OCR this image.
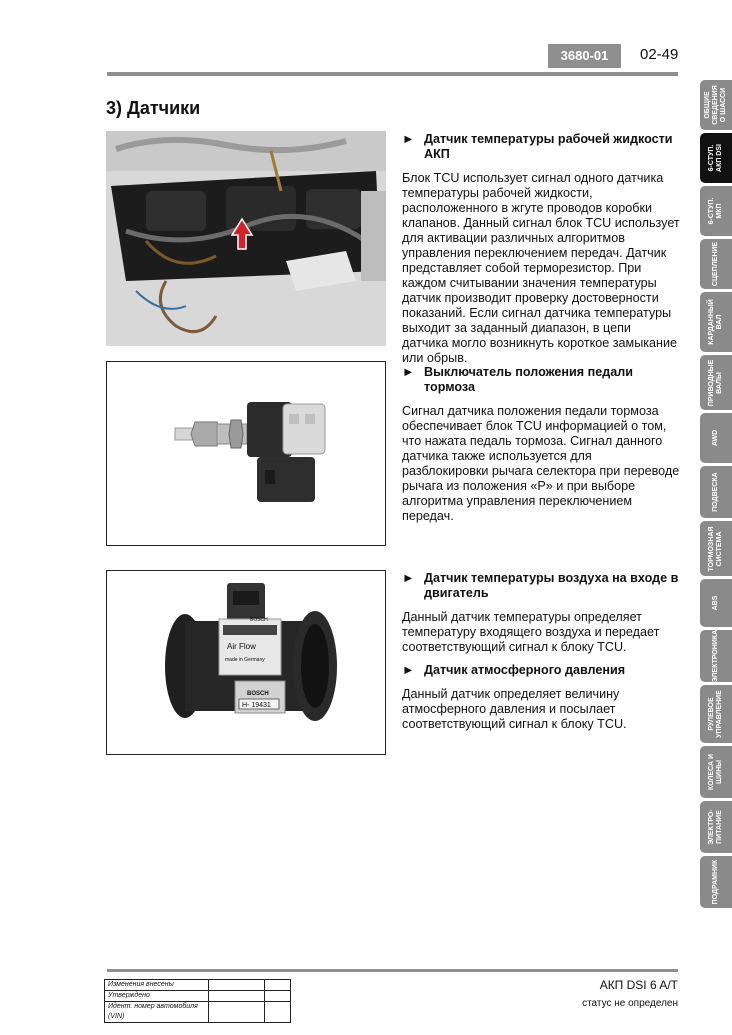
3680-01	02-49
3) Датчики
BOSCH
Air Flow
made in Germany
BOSCH
H- 19431
► Датчик температуры рабочей жидкости АКП
Блок TCU использует сигнал одного датчика температуры рабочей жидкости, расположенного в жгуте проводов коробки клапанов. Данный сигнал блок TCU использует для активации различных алгоритмов управления переключением передач. Датчик представляет собой терморезистор. При каждом считывании значения температуры датчик производит проверку достоверности показаний. Если сигнал датчика температуры выходит за заданный диапазон, в цепи датчика могло возникнуть короткое замыкание или обрыв.
► Выключатель положения педали тормоза
Сигнал датчика положения педали тормоза обеспечивает блок TCU информацией о том, что нажата педаль тормоза. Сигнал данного датчика также используется для разблокировки рычага селектора при переводе рычага из положения «P» и при выборе алгоритма управления переключением передач.
► Датчик температуры воздуха на входе в двигатель
Данный датчик температуры определяет температуру входящего воздуха и передает соответствующий сигнал к блоку TCU.
► Датчик атмосферного давления
Данный датчик определяет величину атмосферного давления и посылает соответствующий сигнал к блоку TCU.
ОБЩИЕ
СВЕДЕНИЯ
О ШАССИ
6-СТУП.
АКП DSI
6-СТУП.
МКП
СЦЕПЛЕНИЕ
КАРДАННЫЙ
ВАЛ
ПРИВОДНЫЕ
ВАЛЫ
AWD
ПОДВЕСКА
ТОРМОЗНАЯ
СИСТЕМА
ABS
ЭЛЕКТРОНИКА
РУЛЕВОЕ
УПРАВЛЕНИЕ
КОЛЕСА И
ШИНЫ
ЭЛЕКТРО-
ПИТАНИЕ
ПОДРАМНИК
Изменения внесены		
Утверждено		
Идент. номер автомобиля (VIN)		
АКП DSI 6 A/T
статус не определен
